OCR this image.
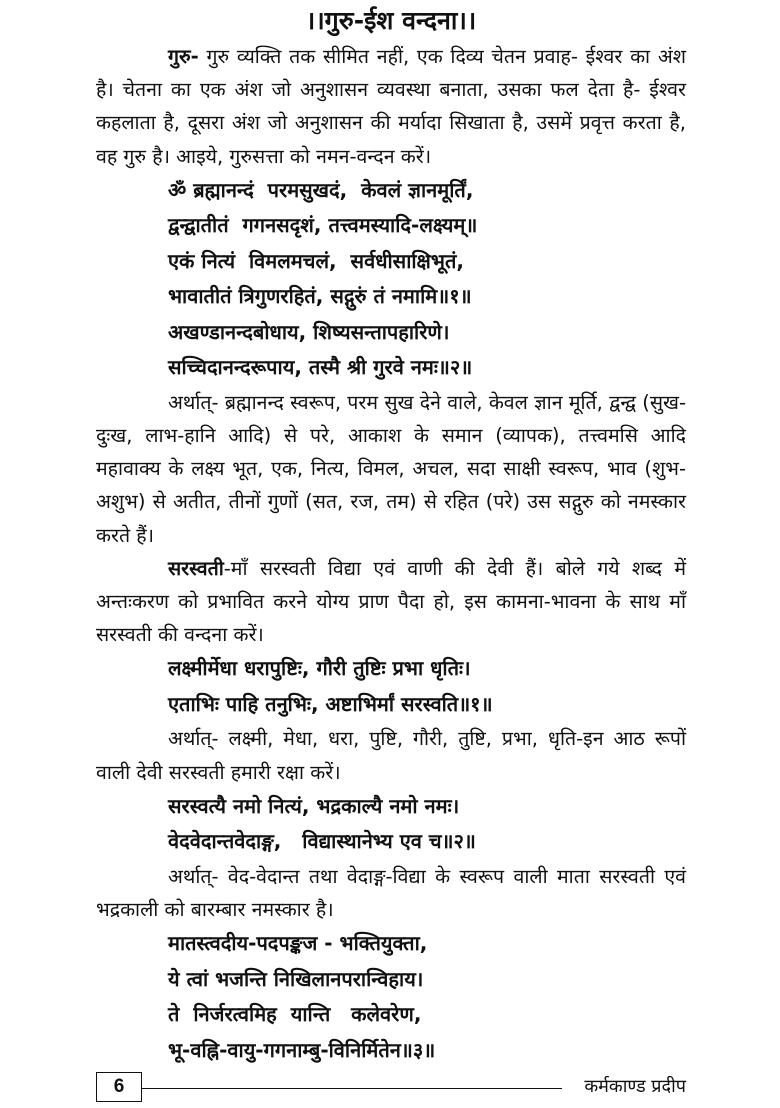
।।गुरु-ईश वन्दना।।

गुरु- गुरु व्यक्ति तक सीमित नहीं, एक दिव्य चेतन प्रवाह- ईश्वर का अंश है। चेतना का एक अंश जो अनुशासन व्यवस्था बनाता, उसका फल देता है- ईश्वर कहलाता है, दूसरा अंश जो अनुशासन की मर्यादा सिखाता है, उसमें प्रवृत्त करता है, वह गुरु है। आइये, गुरुसत्ता को नमन-वन्दन करें।

ॐ ब्रह्मानन्दं  परमसुखदं,  केवलं ज्ञानमूर्तिं,

द्वन्द्वातीतं  गगनसदृशं, तत्त्वमस्यादि-लक्ष्यम्॥

एकं नित्यं  विमलमचलं,  सर्वधीसाक्षिभूतं,

भावातीतं त्रिगुणरहितं, सद्गुरुं तं नमामि॥१॥

अखण्डानन्दबोधाय, शिष्यसन्तापहारिणे।

सच्चिदानन्दरूपाय, तस्मै श्री गुरवे नमः॥२॥

अर्थात्- ब्रह्मानन्द स्वरूप, परम सुख देने वाले, केवल ज्ञान मूर्ति, द्वन्द्व (सुख-दुःख, लाभ-हानि आदि) से परे, आकाश के समान (व्यापक), तत्त्वमसि आदि महावाक्य के लक्ष्य भूत, एक, नित्य, विमल, अचल, सदा साक्षी स्वरूप, भाव (शुभ-अशुभ) से अतीत, तीनों गुणों (सत, रज, तम) से रहित (परे) उस सद्गुरु को नमस्कार करते हैं।

सरस्वती-माँ सरस्वती विद्या एवं वाणी की देवी हैं। बोले गये शब्द में अन्तःकरण को प्रभावित करने योग्य प्राण पैदा हो, इस कामना-भावना के साथ माँ सरस्वती की वन्दना करें।

लक्ष्मीर्मेधा धरापुष्टिः, गौरी तुष्टिः प्रभा धृतिः।

एताभिः पाहि तनुभिः, अष्टाभिर्मां सरस्वति॥१॥

अर्थात्- लक्ष्मी, मेधा, धरा, पुष्टि, गौरी, तुष्टि, प्रभा, धृति-इन आठ रूपों वाली देवी सरस्वती हमारी रक्षा करें।

सरस्वत्यै नमो नित्यं, भद्रकाल्यै नमो नमः।

वेदवेदान्तवेदाङ्ग,   विद्यास्थानेभ्य एव च॥२॥

अर्थात्- वेद-वेदान्त तथा वेदाङ्ग-विद्या के स्वरूप वाली माता सरस्वती एवं भद्रकाली को बारम्बार नमस्कार है।

मातस्त्वदीय-पदपङ्कज - भक्तियुक्ता,

ये त्वां भजन्ति निखिलानपरान्विहाय।

ते  निर्जरत्वमिह  यान्ति   कलेवरेण,

भू-वह्नि-वायु-गगनाम्बु-विनिर्मितेन॥३॥

6	कर्मकाण्ड प्रदीप
